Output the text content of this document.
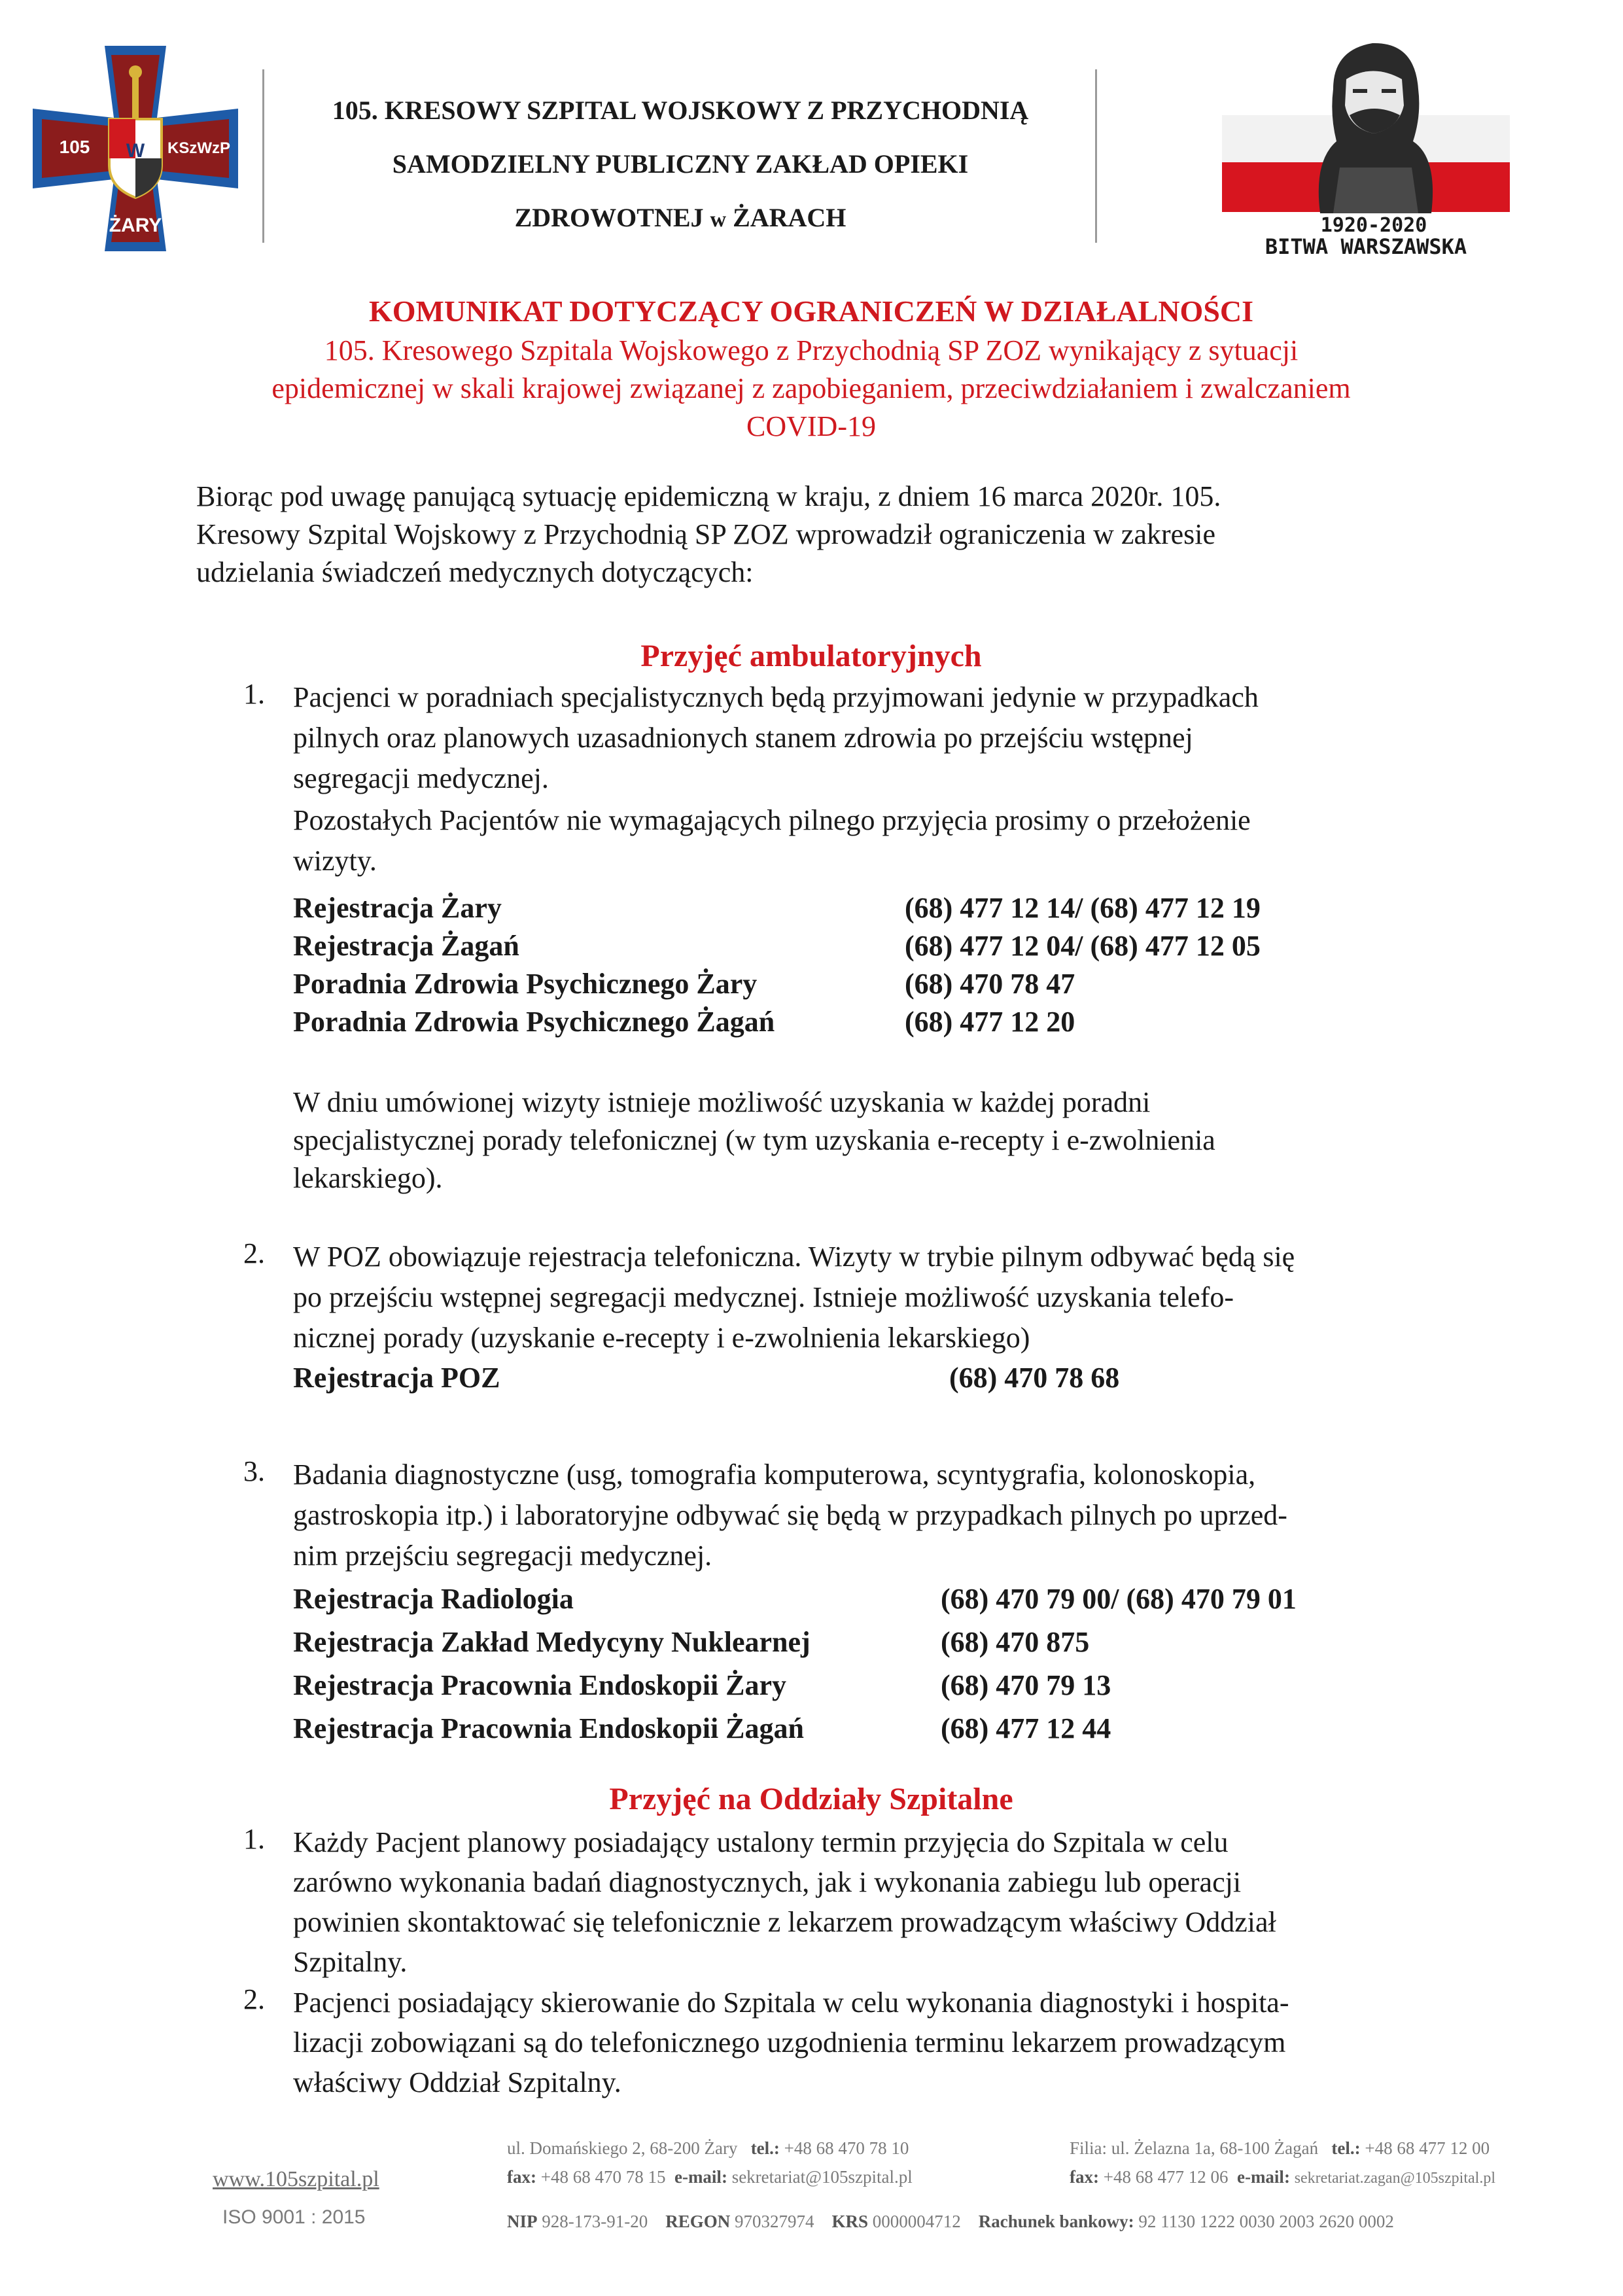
W
105	KSzWzP
ŻARY
105. KRESOWY SZPITAL WOJSKOWY Z PRZYCHODNIĄ
SAMODZIELNY PUBLICZNY ZAKŁAD OPIEKI
ZDROWOTNEJ w ŻARACH	1920-2020
BITWA WARSZAWSKA
KOMUNIKAT DOTYCZĄCY OGRANICZEŃ W DZIAŁALNOŚCI
105. Kresowego Szpitala Wojskowego z Przychodnią SP ZOZ wynikający z sytuacji
epidemicznej w skali krajowej związanej z zapobieganiem, przeciwdziałaniem i zwalczaniem
COVID-19
Biorąc pod uwagę panującą sytuację epidemiczną w kraju, z dniem 16 marca 2020r. 105.
Kresowy Szpital Wojskowy z Przychodnią SP ZOZ wprowadził ograniczenia w zakresie
udzielania świadczeń medycznych dotyczących:
Przyjęć ambulatoryjnych
1. Pacjenci w poradniach specjalistycznych będą przyjmowani jedynie w przypadkach
pilnych oraz planowych uzasadnionych stanem zdrowia po przejściu wstępnej
segregacji medycznej.
Pozostałych Pacjentów nie wymagających pilnego przyjęcia prosimy o przełożenie
wizyty.
Rejestracja Żary	(68) 477 12 14/ (68) 477 12 19
Rejestracja Żagań	(68) 477 12 04/ (68) 477 12 05
Poradnia Zdrowia Psychicznego Żary	(68) 470 78 47
Poradnia Zdrowia Psychicznego Żagań	(68) 477 12 20
W dniu umówionej wizyty istnieje możliwość uzyskania w każdej poradni
specjalistycznej porady telefonicznej (w tym uzyskania e-recepty i e-zwolnienia
lekarskiego).
2. W POZ obowiązuje rejestracja telefoniczna. Wizyty w trybie pilnym odbywać będą się
po przejściu wstępnej segregacji medycznej. Istnieje możliwość uzyskania telefo-
nicznej porady (uzyskanie e-recepty i e-zwolnienia lekarskiego)
Rejestracja POZ	(68) 470 78 68
3. Badania diagnostyczne (usg, tomografia komputerowa, scyntygrafia, kolonoskopia,
gastroskopia itp.) i laboratoryjne odbywać się będą w przypadkach pilnych po uprzed-
nim przejściu segregacji medycznej.
Rejestracja Radiologia	(68) 470 79 00/ (68) 470 79 01
Rejestracja Zakład Medycyny Nuklearnej	(68) 470 875
Rejestracja Pracownia Endoskopii Żary	(68) 470 79 13
Rejestracja Pracownia Endoskopii Żagań	(68) 477 12 44
Przyjęć na Oddziały Szpitalne
1. Każdy Pacjent planowy posiadający ustalony termin przyjęcia do Szpitala w celu
zarówno wykonania badań diagnostycznych, jak i wykonania zabiegu lub operacji
powinien skontaktować się telefonicznie z lekarzem prowadzącym właściwy Oddział
Szpitalny.
2. Pacjenci posiadający skierowanie do Szpitala w celu wykonania diagnostyki i hospita-
lizacji zobowiązani są do telefonicznego uzgodnienia terminu lekarzem prowadzącym
właściwy Oddział Szpitalny.
www.105szpital.pl
ISO 9001 : 2015
ul. Domańskiego 2, 68-200 Żary tel.: +48 68 470 78 10
fax: +48 68 470 78 15 e-mail: sekretariat@105szpital.pl
Filia: ul. Żelazna 1a, 68-100 Żagań tel.: +48 68 477 12 00
fax: +48 68 477 12 06 e-mail: sekretariat.zagan@105szpital.pl
NIP 928-173-91-20 REGON 970327974 KRS 0000004712 Rachunek bankowy: 92 1130 1222 0030 2003 2620 0002
